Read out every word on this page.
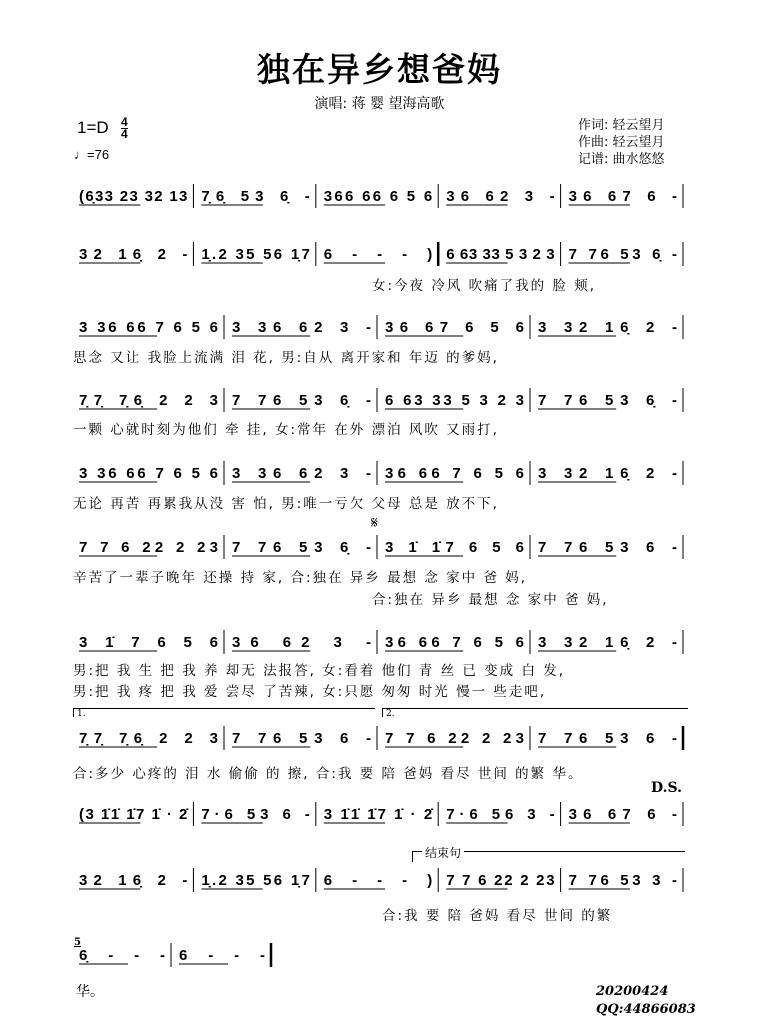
独在异乡想爸妈
演唱: 蒋 婴 望海高歌
1=D 4
4
♩=76
作词: 轻云望月
作曲: 轻云望月
记谱: 曲水悠悠
(6̣33 23 32 13 7̣6̣ 53 6̣ - 366 66 6 5 6 36 62 3 - 36 67 6 -
32 16̣ 2 - 1̣.2 35 56 1̣7 6 - - - ) 6 63 33 5 3 2 3 7 76 53 6̣ -
3 36 66 7 6 5 6 3 36 62 3 - 36 67 6 5 6 3 32 16̣ 2 -
7̣7̣ 7̣6̣ 2 2 3 7 76 53 6̣ - 6 63 33 5 3 2 3 7 76 53 6̣ -
3 36 66 7 6 5 6 3 36 62 3 - 36 66 7 6 5 6 3 32 16̣ 2 -
7 7 6 22 2 23 7 76 53 6̣ - 3 1̇ 1̇7 6 5 6 7 76 53 6 -
3 1̇ 7 6 5 6 36 62 3 - 36 66 7 6 5 6 3 32 16̣ 2 -
7̣7̣ 7̣6̣ 2 2 3 7 76 53 6 - 7 7 6 22 2 23 7 76 53 6 -
(3 1̇1̇ 1̇7 1̇ · 2̇ 7·6 53 6 - 3 1̇1̇ 1̇7 1̇ · 2̇ 7·6 56 3 - 36 67 6 -
32 16̣ 2 - 1̣.2 35 56 1̣7 6 - - - ) 7 7 6 22 2 23 7 76 53 3 -
6̣ - - - 6 - - -
女:今夜 冷风 吹痛了我的 脸 颊,
思念 又让 我脸上流满 泪 花, 男:自从 离开家和 年迈 的爹妈,
一颗 心就时刻为他们 牵 挂, 女:常年 在外 漂泊 风吹 又雨打,
无论 再苦 再累我从没 害 怕, 男:唯一亏欠 父母 总是 放不下,
辛苦了一辈子晚年 还操 持 家, 合:独在 异乡 最想 念 家中 爸 妈,
合:独在 异乡 最想 念 家中 爸 妈,
男:把 我 生 把 我 养 却无 法报答, 女:看着 他们 青 丝 已 变成 白 发,
男:把 我 疼 把 我 爱 尝尽 了苦辣, 女:只愿 匆匆 时光 慢一 些走吧,
合:多少 心疼的 泪 水 偷偷 的 擦, 合:我 要 陪 爸妈 看尽 世间 的繁 华。
合:我 要 陪 爸妈 看尽 世间 的繁
𝄋
1.	2.
D.S.
结束句
5
华。	20200424
QQ:44866083
